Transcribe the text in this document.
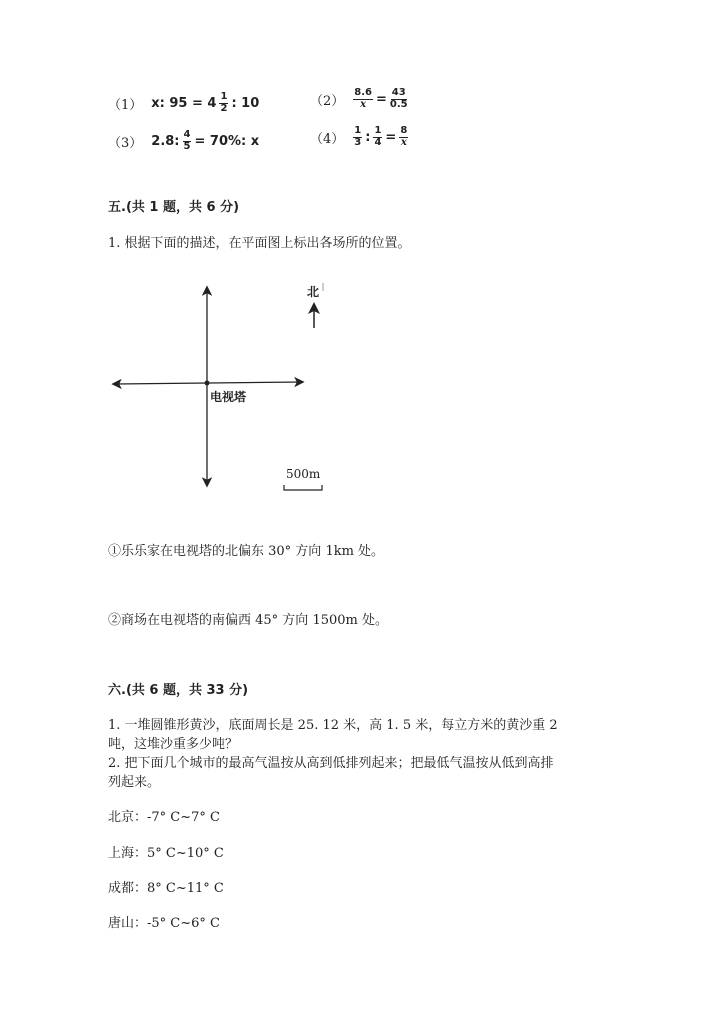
（1） x: $95 = 4 \frac{1}{2}$ : 10	$(2) \frac{8.6}{x} = \frac{43}{0.5}$
（3） 2.8: $\frac{4}{5} = 70\%$: x	$(4) \frac{1}{3}$ : $\frac{1}{4} = \frac{8}{x}$
五.(共 1 题，共 6 分)
1. 根据下面的描述，在平面图上标出各场所的位置。
北
电视塔
500m
①乐乐家在电视塔的北偏东 30° 方向 1km 处。
②商场在电视塔的南偏西 45° 方向 1500m 处。
六.(共 6 题，共 33 分)
1. 一堆圆锥形黄沙，底面周长是 25. 12 米，高 1. 5 米，每立方米的黄沙重 2
吨，这堆沙重多少吨？
2. 把下面几个城市的最高气温按从高到低排列起来；把最低气温按从低到高排
列起来。
北京：-7° C~7° C
上海：5° C~10° C
成都：8° C~11° C
唐山：-5° C~6° C
